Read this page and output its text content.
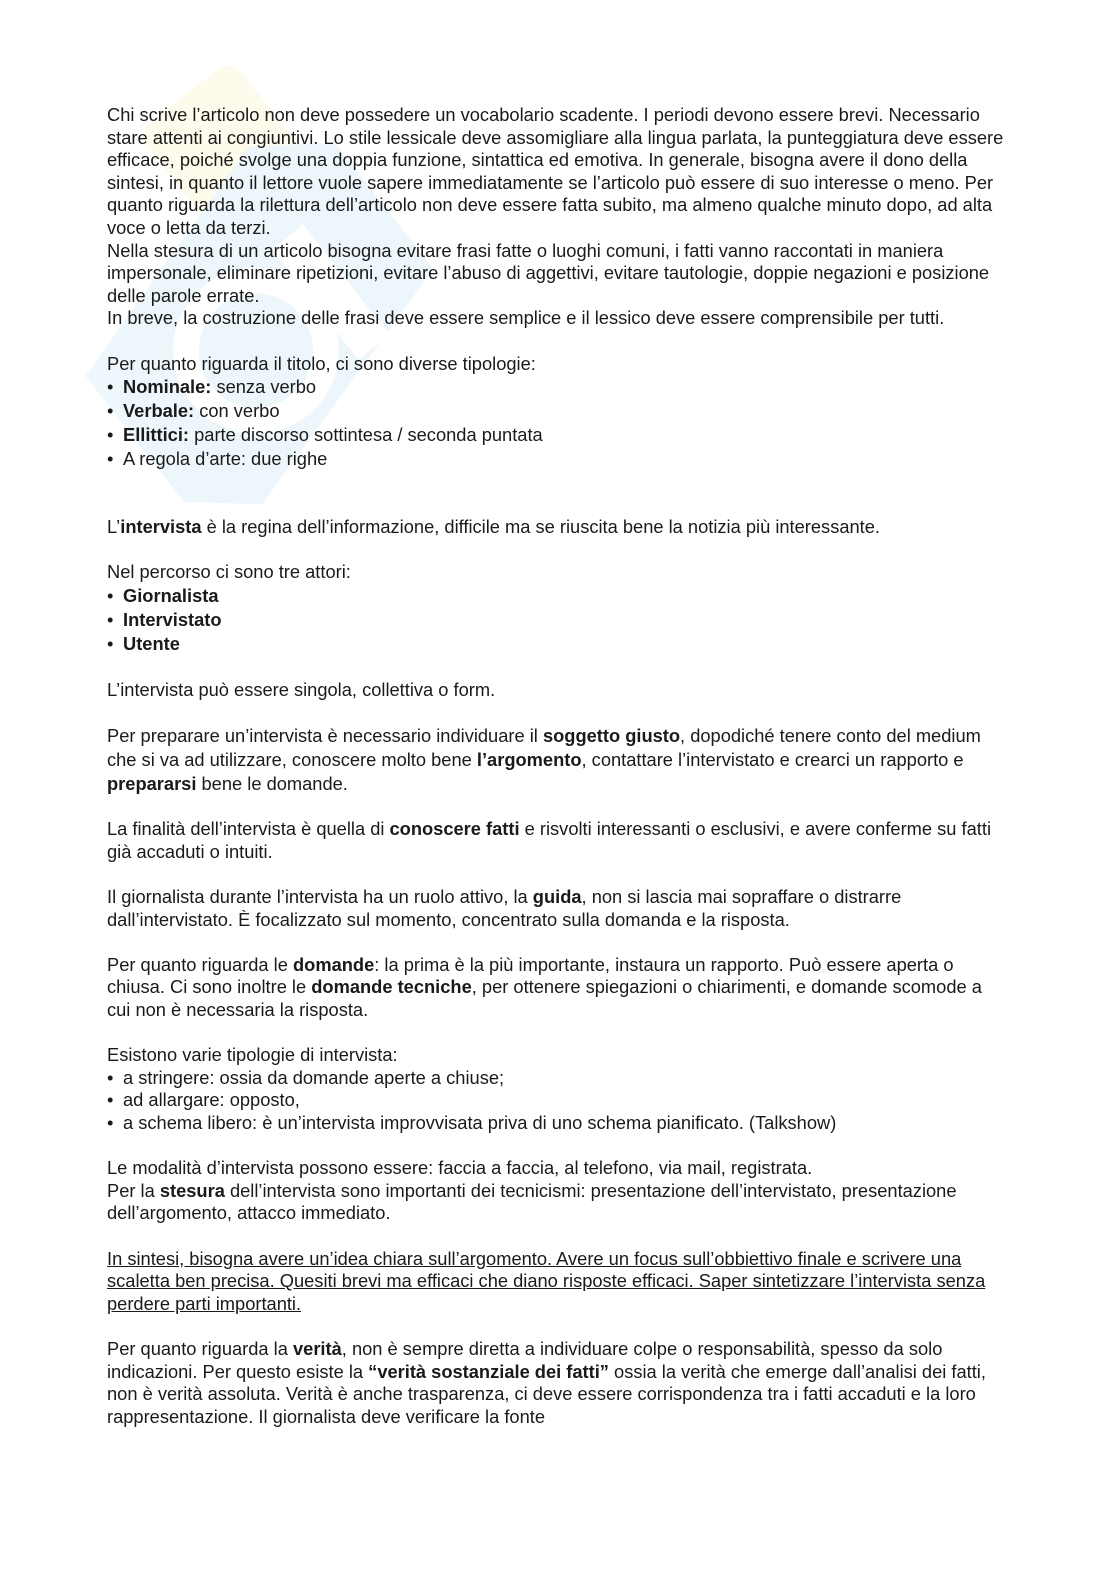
Chi scrive l’articolo non deve possedere un vocabolario scadente. I periodi devono essere brevi. Necessario stare attenti ai congiuntivi. Lo stile lessicale deve assomigliare alla lingua parlata, la punteggiatura deve essere efficace, poiché svolge una doppia funzione, sintattica ed emotiva. In generale, bisogna avere il dono della sintesi, in quanto il lettore vuole sapere immediatamente se l’articolo può essere di suo interesse o meno. Per quanto riguarda la rilettura dell’articolo non deve essere fatta subito, ma almeno qualche minuto dopo, ad alta voce o letta da terzi.

Nella stesura di un articolo bisogna evitare frasi fatte o luoghi comuni, i fatti vanno raccontati in maniera impersonale, eliminare ripetizioni, evitare l’abuso di aggettivi, evitare tautologie, doppie negazioni e posizione delle parole errate.

In breve, la costruzione delle frasi deve essere semplice e il lessico deve essere comprensibile per tutti.

Per quanto riguarda il titolo, ci sono diverse tipologie:

• Nominale: senza verbo
• Verbale: con verbo
• Ellittici: parte discorso sottintesa / seconda puntata
• A regola d’arte: due righe

L’intervista è la regina dell’informazione, difficile ma se riuscita bene la notizia più interessante.

Nel percorso ci sono tre attori:

• Giornalista
• Intervistato
• Utente

L’intervista può essere singola, collettiva o form.

Per preparare un’intervista è necessario individuare il soggetto giusto, dopodiché tenere conto del medium che si va ad utilizzare, conoscere molto bene l’argomento, contattare l’intervistato e crearci un rapporto e prepararsi bene le domande.

La finalità dell’intervista è quella di conoscere fatti e risvolti interessanti o esclusivi, e avere conferme su fatti già accaduti o intuiti.

Il giornalista durante l’intervista ha un ruolo attivo, la guida, non si lascia mai sopraffare o distrarre dall’intervistato. È focalizzato sul momento, concentrato sulla domanda e la risposta.

Per quanto riguarda le domande: la prima è la più importante, instaura un rapporto. Può essere aperta o chiusa. Ci sono inoltre le domande tecniche, per ottenere spiegazioni o chiarimenti, e domande scomode a cui non è necessaria la risposta.

Esistono varie tipologie di intervista:

• a stringere: ossia da domande aperte a chiuse;
• ad allargare: opposto,
• a schema libero: è un’intervista improvvisata priva di uno schema pianificato. (Talkshow)

Le modalità d’intervista possono essere: faccia a faccia, al telefono, via mail, registrata.

Per la stesura dell’intervista sono importanti dei tecnicismi: presentazione dell’intervistato, presentazione dell’argomento, attacco immediato.

In sintesi, bisogna avere un’idea chiara sull’argomento. Avere un focus sull’obbiettivo finale e scrivere una scaletta ben precisa. Quesiti brevi ma efficaci che diano risposte efficaci. Saper sintetizzare l’intervista senza perdere parti importanti.

Per quanto riguarda la verità, non è sempre diretta a individuare colpe o responsabilità, spesso da solo indicazioni. Per questo esiste la “verità sostanziale dei fatti” ossia la verità che emerge dall’analisi dei fatti, non è verità assoluta. Verità è anche trasparenza, ci deve essere corrispondenza tra i fatti accaduti e la loro rappresentazione. Il giornalista deve verificare la fonte
